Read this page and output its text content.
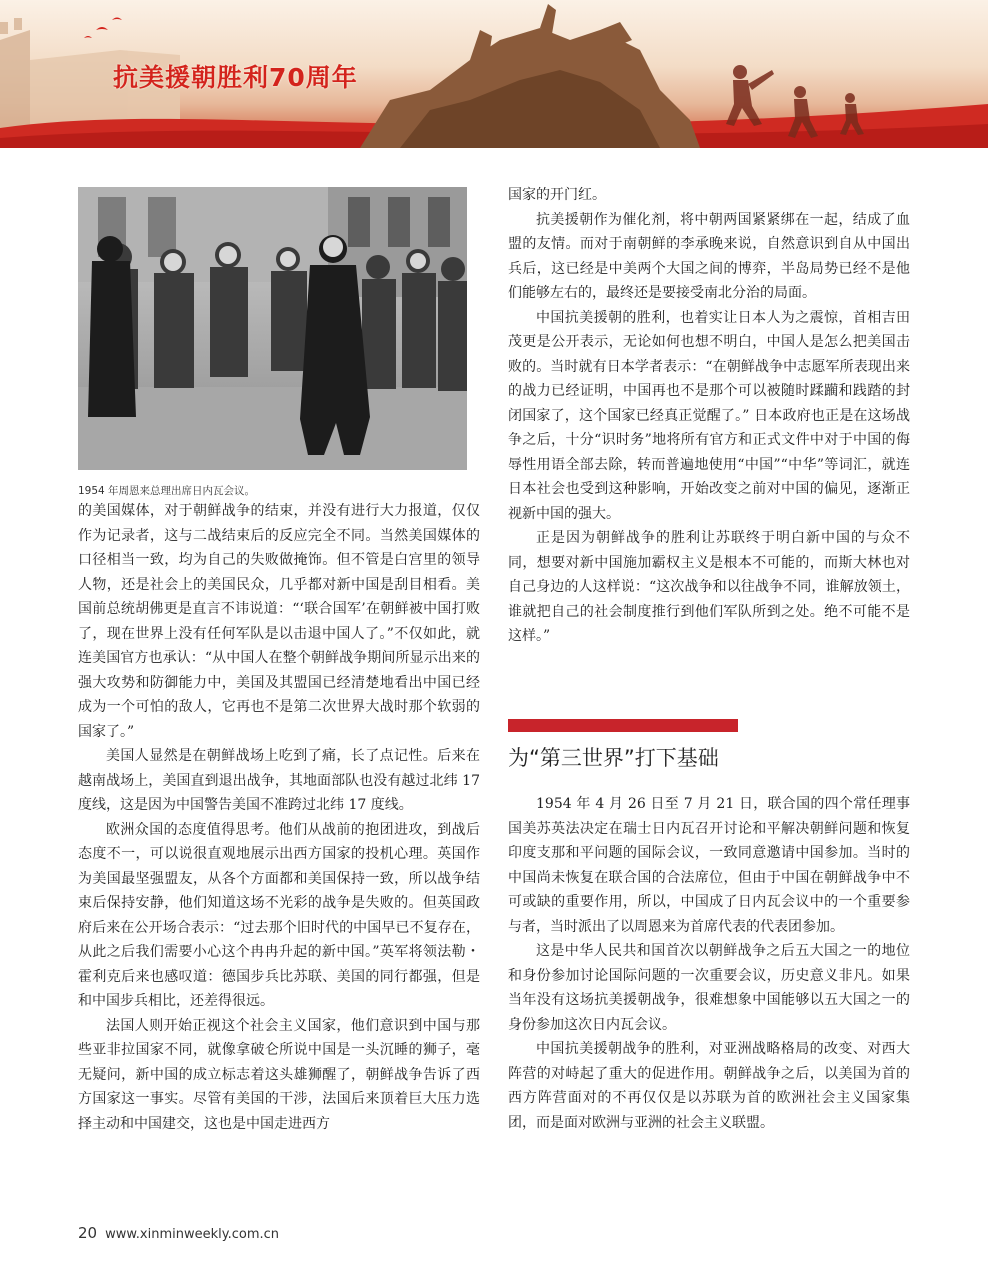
抗美援朝胜利70周年

1954 年周恩来总理出席日内瓦会议。

的美国媒体，对于朝鲜战争的结束，并没有进行大力报道，仅仅作为记录者，这与二战结束后的反应完全不同。当然美国媒体的口径相当一致，均为自己的失败做掩饰。但不管是白宫里的领导人物，还是社会上的美国民众，几乎都对新中国是刮目相看。美国前总统胡佛更是直言不讳说道：“‘联合国军’在朝鲜被中国打败了，现在世界上没有任何军队是以击退中国人了。”不仅如此，就连美国官方也承认：“从中国人在整个朝鲜战争期间所显示出来的强大攻势和防御能力中，美国及其盟国已经清楚地看出中国已经成为一个可怕的敌人，它再也不是第二次世界大战时那个软弱的国家了。”

美国人显然是在朝鲜战场上吃到了痛，长了点记性。后来在越南战场上，美国直到退出战争，其地面部队也没有越过北纬 17 度线，这是因为中国警告美国不准跨过北纬 17 度线。

欧洲众国的态度值得思考。他们从战前的抱团进攻，到战后态度不一，可以说很直观地展示出西方国家的投机心理。英国作为美国最坚强盟友，从各个方面都和美国保持一致，所以战争结束后保持安静，他们知道这场不光彩的战争是失败的。但英国政府后来在公开场合表示：“过去那个旧时代的中国早已不复存在，从此之后我们需要小心这个冉冉升起的新中国。”英军将领法勒・霍利克后来也感叹道：德国步兵比苏联、美国的同行都强，但是和中国步兵相比，还差得很远。

法国人则开始正视这个社会主义国家，他们意识到中国与那些亚非拉国家不同，就像拿破仑所说中国是一头沉睡的狮子，毫无疑问，新中国的成立标志着这头雄狮醒了，朝鲜战争告诉了西方国家这一事实。尽管有美国的干涉，法国后来顶着巨大压力选择主动和中国建交，这也是中国走进西方

国家的开门红。

抗美援朝作为催化剂，将中朝两国紧紧绑在一起，结成了血盟的友情。而对于南朝鲜的李承晚来说，自然意识到自从中国出兵后，这已经是中美两个大国之间的博弈，半岛局势已经不是他们能够左右的，最终还是要接受南北分治的局面。

中国抗美援朝的胜利，也着实让日本人为之震惊，首相吉田茂更是公开表示，无论如何也想不明白，中国人是怎么把美国击败的。当时就有日本学者表示：“在朝鲜战争中志愿军所表现出来的战力已经证明，中国再也不是那个可以被随时蹂躏和践踏的封闭国家了，这个国家已经真正觉醒了。” 日本政府也正是在这场战争之后，十分“识时务”地将所有官方和正式文件中对于中国的侮辱性用语全部去除，转而普遍地使用“中国”“中华”等词汇，就连日本社会也受到这种影响，开始改变之前对中国的偏见，逐渐正视新中国的强大。

正是因为朝鲜战争的胜利让苏联终于明白新中国的与众不同，想要对新中国施加霸权主义是根本不可能的，而斯大林也对自己身边的人这样说：“这次战争和以往战争不同，谁解放领土，谁就把自己的社会制度推行到他们军队所到之处。绝不可能不是这样。”

为“第三世界”打下基础

1954 年 4 月 26 日至 7 月 21 日，联合国的四个常任理事国美苏英法决定在瑞士日内瓦召开讨论和平解决朝鲜问题和恢复印度支那和平问题的国际会议，一致同意邀请中国参加。当时的中国尚未恢复在联合国的合法席位，但由于中国在朝鲜战争中不可或缺的重要作用，所以，中国成了日内瓦会议中的一个重要参与者，当时派出了以周恩来为首席代表的代表团参加。

这是中华人民共和国首次以朝鲜战争之后五大国之一的地位和身份参加讨论国际问题的一次重要会议，历史意义非凡。如果当年没有这场抗美援朝战争，很难想象中国能够以五大国之一的身份参加这次日内瓦会议。

中国抗美援朝战争的胜利，对亚洲战略格局的改变、对西大阵营的对峙起了重大的促进作用。朝鲜战争之后，以美国为首的西方阵营面对的不再仅仅是以苏联为首的欧洲社会主义国家集团，而是面对欧洲与亚洲的社会主义联盟。

20 www.xinminweekly.com.cn
